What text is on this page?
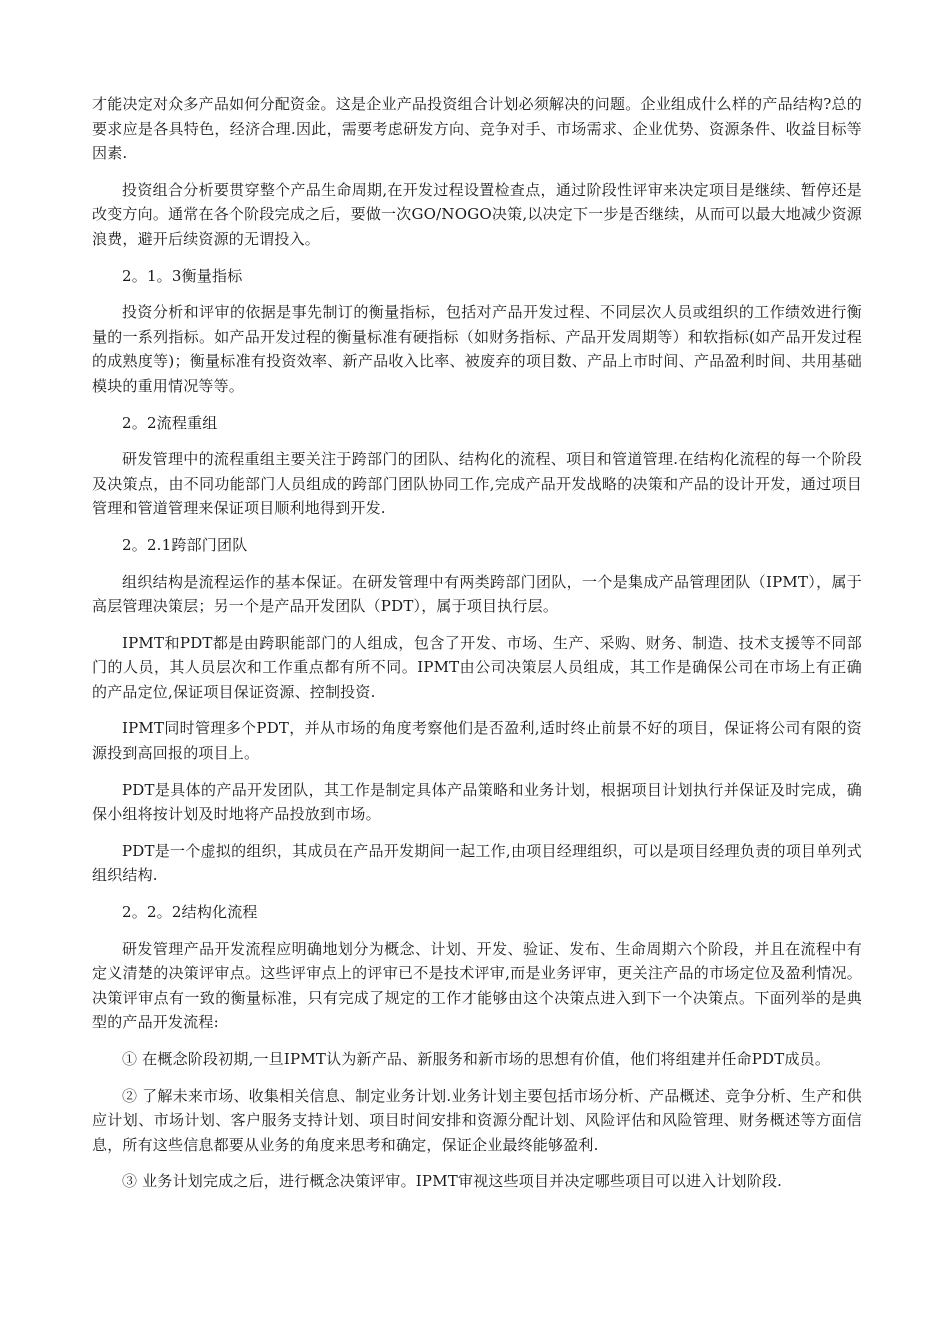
才能决定对众多产品如何分配资金。这是企业产品投资组合计划必须解决的问题。企业组成什么样的产品结构?总的要求应是各具特色，经济合理.因此，需要考虑研发方向、竞争对手、市场需求、企业优势、资源条件、收益目标等因素.

投资组合分析要贯穿整个产品生命周期,在开发过程设置检查点，通过阶段性评审来决定项目是继续、暂停还是改变方向。通常在各个阶段完成之后，要做一次GO/NOGO决策,以决定下一步是否继续，从而可以最大地减少资源浪费，避开后续资源的无谓投入。

2。1。3衡量指标

投资分析和评审的依据是事先制订的衡量指标，包括对产品开发过程、不同层次人员或组织的工作绩效进行衡量的一系列指标。如产品开发过程的衡量标准有硬指标（如财务指标、产品开发周期等）和软指标(如产品开发过程的成熟度等)；衡量标准有投资效率、新产品收入比率、被废弃的项目数、产品上市时间、产品盈利时间、共用基础模块的重用情况等等。

2。2流程重组

研发管理中的流程重组主要关注于跨部门的团队、结构化的流程、项目和管道管理.在结构化流程的每一个阶段及决策点，由不同功能部门人员组成的跨部门团队协同工作,完成产品开发战略的决策和产品的设计开发，通过项目管理和管道管理来保证项目顺利地得到开发.

2。2.1跨部门团队

组织结构是流程运作的基本保证。在研发管理中有两类跨部门团队，一个是集成产品管理团队（IPMT），属于高层管理决策层；另一个是产品开发团队（PDT），属于项目执行层。

IPMT和PDT都是由跨职能部门的人组成，包含了开发、市场、生产、采购、财务、制造、技术支援等不同部门的人员，其人员层次和工作重点都有所不同。IPMT由公司决策层人员组成，其工作是确保公司在市场上有正确的产品定位,保证项目保证资源、控制投资.

IPMT同时管理多个PDT，并从市场的角度考察他们是否盈利,适时终止前景不好的项目，保证将公司有限的资源投到高回报的项目上。

PDT是具体的产品开发团队，其工作是制定具体产品策略和业务计划，根据项目计划执行并保证及时完成，确保小组将按计划及时地将产品投放到市场。

PDT是一个虚拟的组织，其成员在产品开发期间一起工作,由项目经理组织，可以是项目经理负责的项目单列式组织结构.

2。2。2结构化流程

研发管理产品开发流程应明确地划分为概念、计划、开发、验证、发布、生命周期六个阶段，并且在流程中有定义清楚的决策评审点。这些评审点上的评审已不是技术评审,而是业务评审，更关注产品的市场定位及盈利情况。决策评审点有一致的衡量标准，只有完成了规定的工作才能够由这个决策点进入到下一个决策点。下面列举的是典型的产品开发流程:

① 在概念阶段初期,一旦IPMT认为新产品、新服务和新市场的思想有价值，他们将组建并任命PDT成员。

② 了解未来市场、收集相关信息、制定业务计划.业务计划主要包括市场分析、产品概述、竞争分析、生产和供应计划、市场计划、客户服务支持计划、项目时间安排和资源分配计划、风险评估和风险管理、财务概述等方面信息，所有这些信息都要从业务的角度来思考和确定，保证企业最终能够盈利.

③ 业务计划完成之后，进行概念决策评审。IPMT审视这些项目并决定哪些项目可以进入计划阶段.
